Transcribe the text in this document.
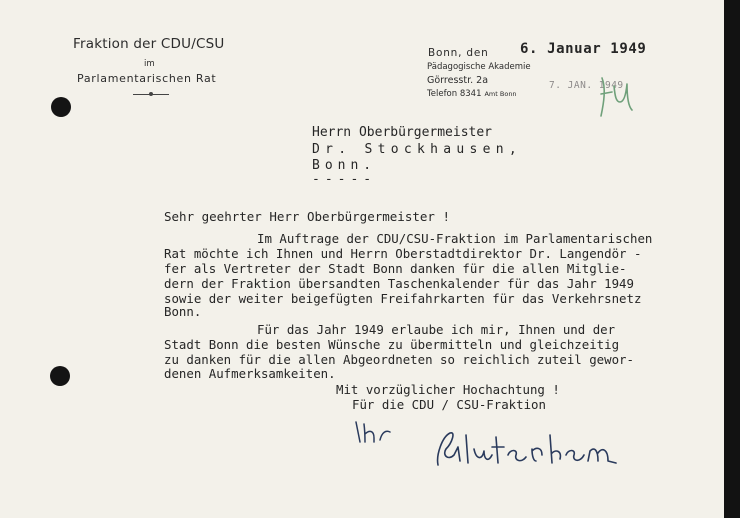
Fraktion der CDU/CSU
im
Parlamentarischen Rat
Bonn, den 6. Januar 1949
Pädagogische Akademie
Görresstr. 2a
Telefon 8341 Amt Bonn
7. JAN. 1949
Herrn Oberbürgermeister
Dr. Stockhausen,
Bonn.
-----
Sehr geehrter Herr Oberbürgermeister !
Im Auftrage der CDU/CSU-Fraktion im Parlamentarischen
Rat möchte ich Ihnen und Herrn Oberstadtdirektor Dr. Langendör -
fer als Vertreter der Stadt Bonn danken für die allen Mitglie-
dern der Fraktion übersandten Taschenkalender für das Jahr 1949
sowie der weiter beigefügten Freifahrkarten für das Verkehrsnetz
Bonn.
Für das Jahr 1949 erlaube ich mir, Ihnen und der
Stadt Bonn die besten Wünsche zu übermitteln und gleichzeitig
zu danken für die allen Abgeordneten so reichlich zuteil gewor-
denen Aufmerksamkeiten.
Mit vorzüglicher Hochachtung !
Für die CDU / CSU-Fraktion
